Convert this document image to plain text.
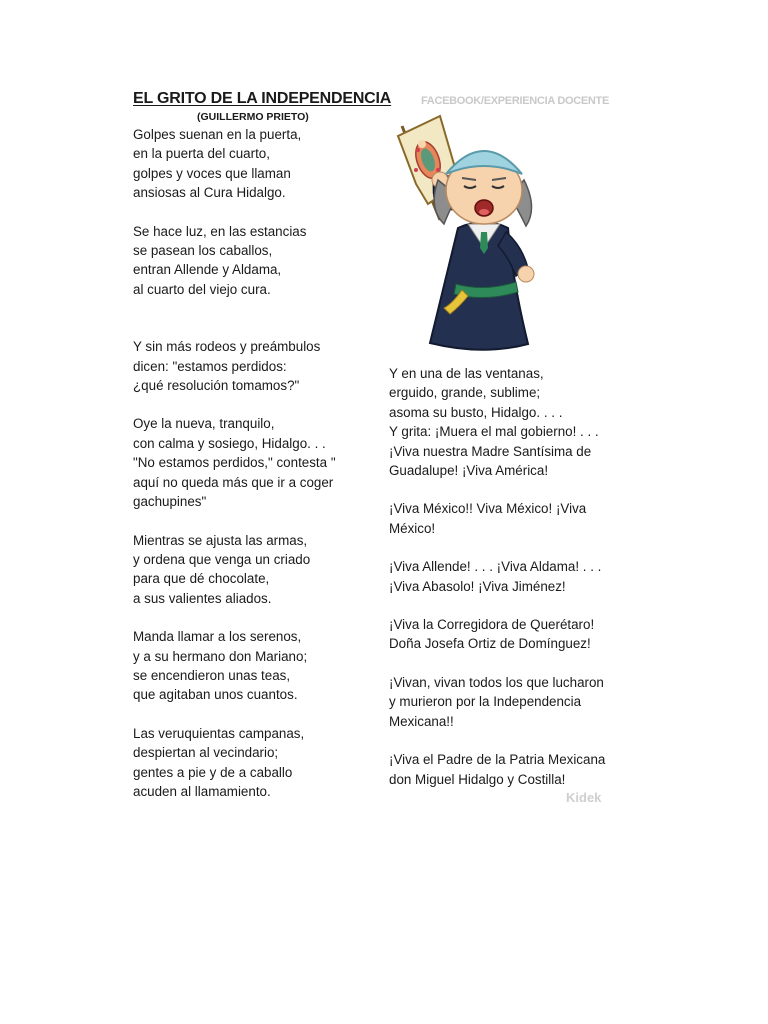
EL GRITO DE LA INDEPENDENCIA
(GUILLERMO PRIETO)
FACEBOOK/EXPERIENCIA DOCENTE
Golpes suenan en la puerta,
en la puerta del cuarto,
golpes y voces que llaman
ansiosas al Cura Hidalgo.
Se hace luz, en las estancias
se pasean los caballos,
entran Allende y Aldama,
al cuarto del viejo cura.
Y sin más rodeos y preámbulos
dicen: "estamos perdidos:
¿qué resolución tomamos?"
Oye la nueva, tranquilo,
con calma y sosiego, Hidalgo. . .
"No estamos perdidos," contesta "
aquí no queda más que ir a coger
gachupines"
Mientras se ajusta las armas,
y ordena que venga un criado
para que dé chocolate,
a sus valientes aliados.
Manda llamar a los serenos,
y a su hermano don Mariano;
se encendieron unas teas,
que agitaban unos cuantos.
Las veruquientas campanas,
despiertan al vecindario;
gentes a pie y de a caballo
acuden al llamamiento.
Y en una de las ventanas,
erguido, grande, sublime;
asoma su busto, Hidalgo. . . .
Y grita: ¡Muera el mal gobierno! . . .
¡Viva nuestra Madre Santísima de
Guadalupe! ¡Viva América!
¡Viva México!! Viva México! ¡Viva
México!
¡Viva Allende! . . . ¡Viva Aldama! . . .
¡Viva Abasolo! ¡Viva Jiménez!
¡Viva la Corregidora de Querétaro!
Doña Josefa Ortiz de Domínguez!
¡Vivan, vivan todos los que lucharon
y murieron por la Independencia
Mexicana!!
¡Viva el Padre de la Patria Mexicana
don Miguel Hidalgo y Costilla!
Kidek
